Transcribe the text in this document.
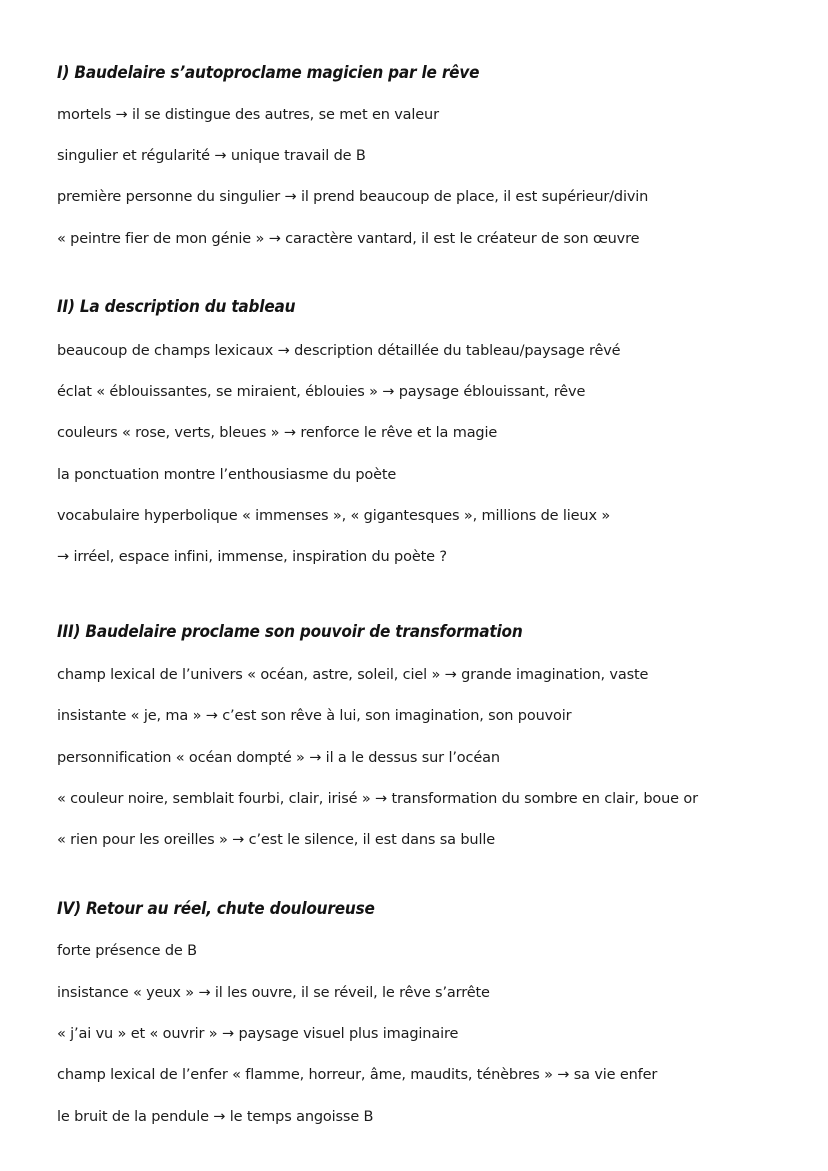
I) Baudelaire s’autoproclame magicien par le rêve
mortels → il se distingue des autres, se met en valeur
singulier et régularité → unique travail de B
première personne du singulier → il prend beaucoup de place, il est supérieur/divin
« peintre fier de mon génie » → caractère vantard, il est le créateur de son œuvre
II) La description du tableau
beaucoup de champs lexicaux → description détaillée du tableau/paysage rêvé
éclat « éblouissantes, se miraient, éblouies » → paysage éblouissant, rêve
couleurs « rose, verts, bleues » → renforce le rêve et la magie
la ponctuation montre l’enthousiasme du poète
vocabulaire hyperbolique « immenses », « gigantesques », millions de lieux »
→ irréel, espace infini, immense, inspiration du poète ?
III) Baudelaire proclame son pouvoir de transformation
champ lexical de l’univers « océan, astre, soleil, ciel » → grande imagination, vaste
insistante « je, ma » → c’est son rêve à lui, son imagination, son pouvoir
personnification « océan dompté » → il a le dessus sur l’océan
« couleur noire, semblait fourbi, clair, irisé » → transformation du sombre en clair, boue or
« rien pour les oreilles » → c’est le silence, il est dans sa bulle
IV) Retour au réel, chute douloureuse
forte présence de B
insistance « yeux » → il les ouvre, il se réveil, le rêve s’arrête
« j’ai vu » et « ouvrir » → paysage visuel plus imaginaire
champ lexical de l’enfer « flamme, horreur, âme, maudits, ténèbres » → sa vie enfer
le bruit de la pendule → le temps angoisse B
